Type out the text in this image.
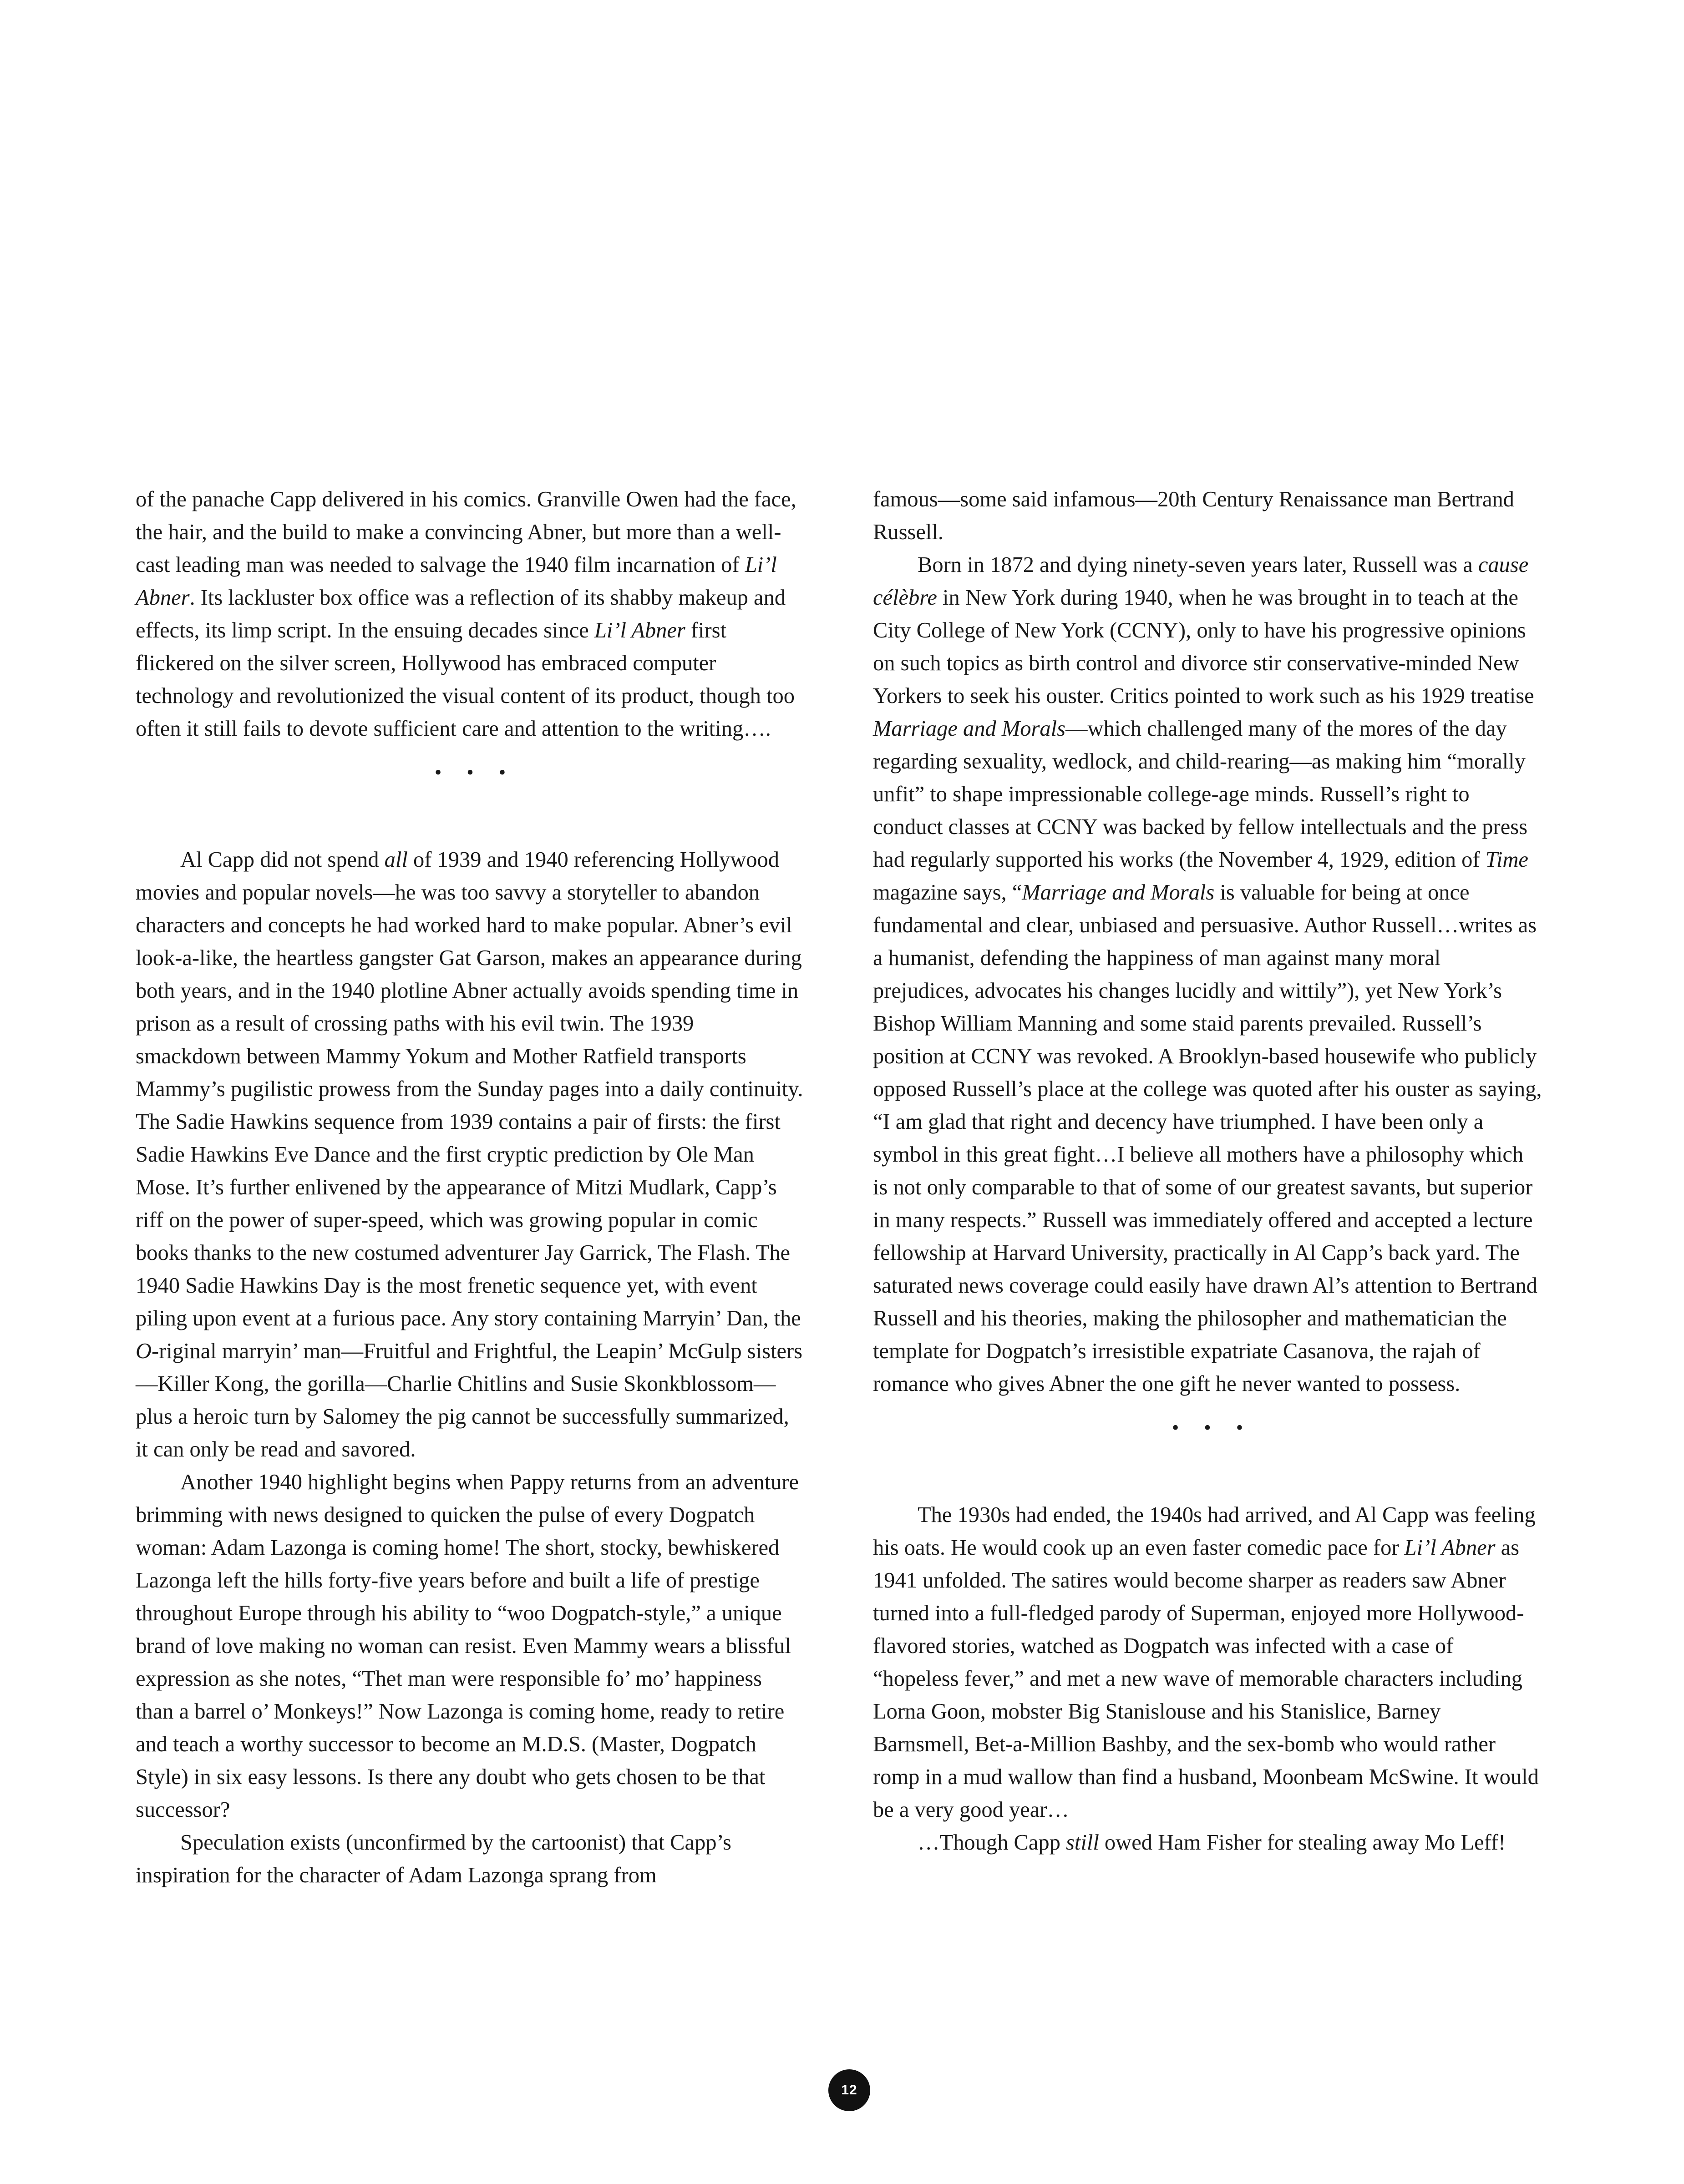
of the panache Capp delivered in his comics. Granville Owen had the face, the hair, and the build to make a convincing Abner, but more than a well-cast leading man was needed to salvage the 1940 film incarnation of Li’l Abner. Its lackluster box office was a reflection of its shabby makeup and effects, its limp script. In the ensuing decades since Li’l Abner first flickered on the silver screen, Hollywood has embraced computer technology and revolutionized the visual content of its product, though too often it still fails to devote sufficient care and attention to the writing….

• • •

Al Capp did not spend all of 1939 and 1940 referencing Hollywood movies and popular novels—he was too savvy a storyteller to abandon characters and concepts he had worked hard to make popular. Abner’s evil look-a-like, the heartless gangster Gat Garson, makes an appearance during both years, and in the 1940 plotline Abner actually avoids spending time in prison as a result of crossing paths with his evil twin. The 1939 smackdown between Mammy Yokum and Mother Ratfield transports Mammy’s pugilistic prowess from the Sunday pages into a daily continuity. The Sadie Hawkins sequence from 1939 contains a pair of firsts: the first Sadie Hawkins Eve Dance and the first cryptic prediction by Ole Man Mose. It’s further enlivened by the appearance of Mitzi Mudlark, Capp’s riff on the power of super-speed, which was growing popular in comic books thanks to the new costumed adventurer Jay Garrick, The Flash. The 1940 Sadie Hawkins Day is the most frenetic sequence yet, with event piling upon event at a furious pace. Any story containing Marryin’ Dan, the O-riginal marryin’ man—Fruitful and Frightful, the Leapin’ McGulp sisters—Killer Kong, the gorilla—Charlie Chitlins and Susie Skonkblossom—plus a heroic turn by Salomey the pig cannot be successfully summarized, it can only be read and savored.

Another 1940 highlight begins when Pappy returns from an adventure brimming with news designed to quicken the pulse of every Dogpatch woman: Adam Lazonga is coming home! The short, stocky, bewhiskered Lazonga left the hills forty-five years before and built a life of prestige throughout Europe through his ability to “woo Dogpatch-style,” a unique brand of love making no woman can resist. Even Mammy wears a blissful expression as she notes, “Thet man were responsible fo’ mo’ happiness than a barrel o’ Monkeys!” Now Lazonga is coming home, ready to retire and teach a worthy successor to become an M.D.S. (Master, Dogpatch Style) in six easy lessons. Is there any doubt who gets chosen to be that successor?

Speculation exists (unconfirmed by the cartoonist) that Capp’s inspiration for the character of Adam Lazonga sprang from

famous—some said infamous—20th Century Renaissance man Bertrand Russell.

Born in 1872 and dying ninety-seven years later, Russell was a cause célèbre in New York during 1940, when he was brought in to teach at the City College of New York (CCNY), only to have his progressive opinions on such topics as birth control and divorce stir conservative-minded New Yorkers to seek his ouster. Critics pointed to work such as his 1929 treatise Marriage and Morals—which challenged many of the mores of the day regarding sexuality, wedlock, and child-rearing—as making him “morally unfit” to shape impressionable college-age minds. Russell’s right to conduct classes at CCNY was backed by fellow intellectuals and the press had regularly supported his works (the November 4, 1929, edition of Time magazine says, “Marriage and Morals is valuable for being at once fundamental and clear, unbiased and persuasive. Author Russell…writes as a humanist, defending the happiness of man against many moral prejudices, advocates his changes lucidly and wittily”), yet New York’s Bishop William Manning and some staid parents prevailed. Russell’s position at CCNY was revoked. A Brooklyn-based housewife who publicly opposed Russell’s place at the college was quoted after his ouster as saying, “I am glad that right and decency have triumphed. I have been only a symbol in this great fight…I believe all mothers have a philosophy which is not only comparable to that of some of our greatest savants, but superior in many respects.” Russell was immediately offered and accepted a lecture fellowship at Harvard University, practically in Al Capp’s back yard. The saturated news coverage could easily have drawn Al’s attention to Bertrand Russell and his theories, making the philosopher and mathematician the template for Dogpatch’s irresistible expatriate Casanova, the rajah of romance who gives Abner the one gift he never wanted to possess.

• • •

The 1930s had ended, the 1940s had arrived, and Al Capp was feeling his oats. He would cook up an even faster comedic pace for Li’l Abner as 1941 unfolded. The satires would become sharper as readers saw Abner turned into a full-fledged parody of Superman, enjoyed more Hollywood-flavored stories, watched as Dogpatch was infected with a case of “hopeless fever,” and met a new wave of memorable characters including Lorna Goon, mobster Big Stanislouse and his Stanislice, Barney Barnsmell, Bet-a-Million Bashby, and the sex-bomb who would rather romp in a mud wallow than find a husband, Moonbeam McSwine. It would be a very good year…

…Though Capp still owed Ham Fisher for stealing away Mo Leff!

12
